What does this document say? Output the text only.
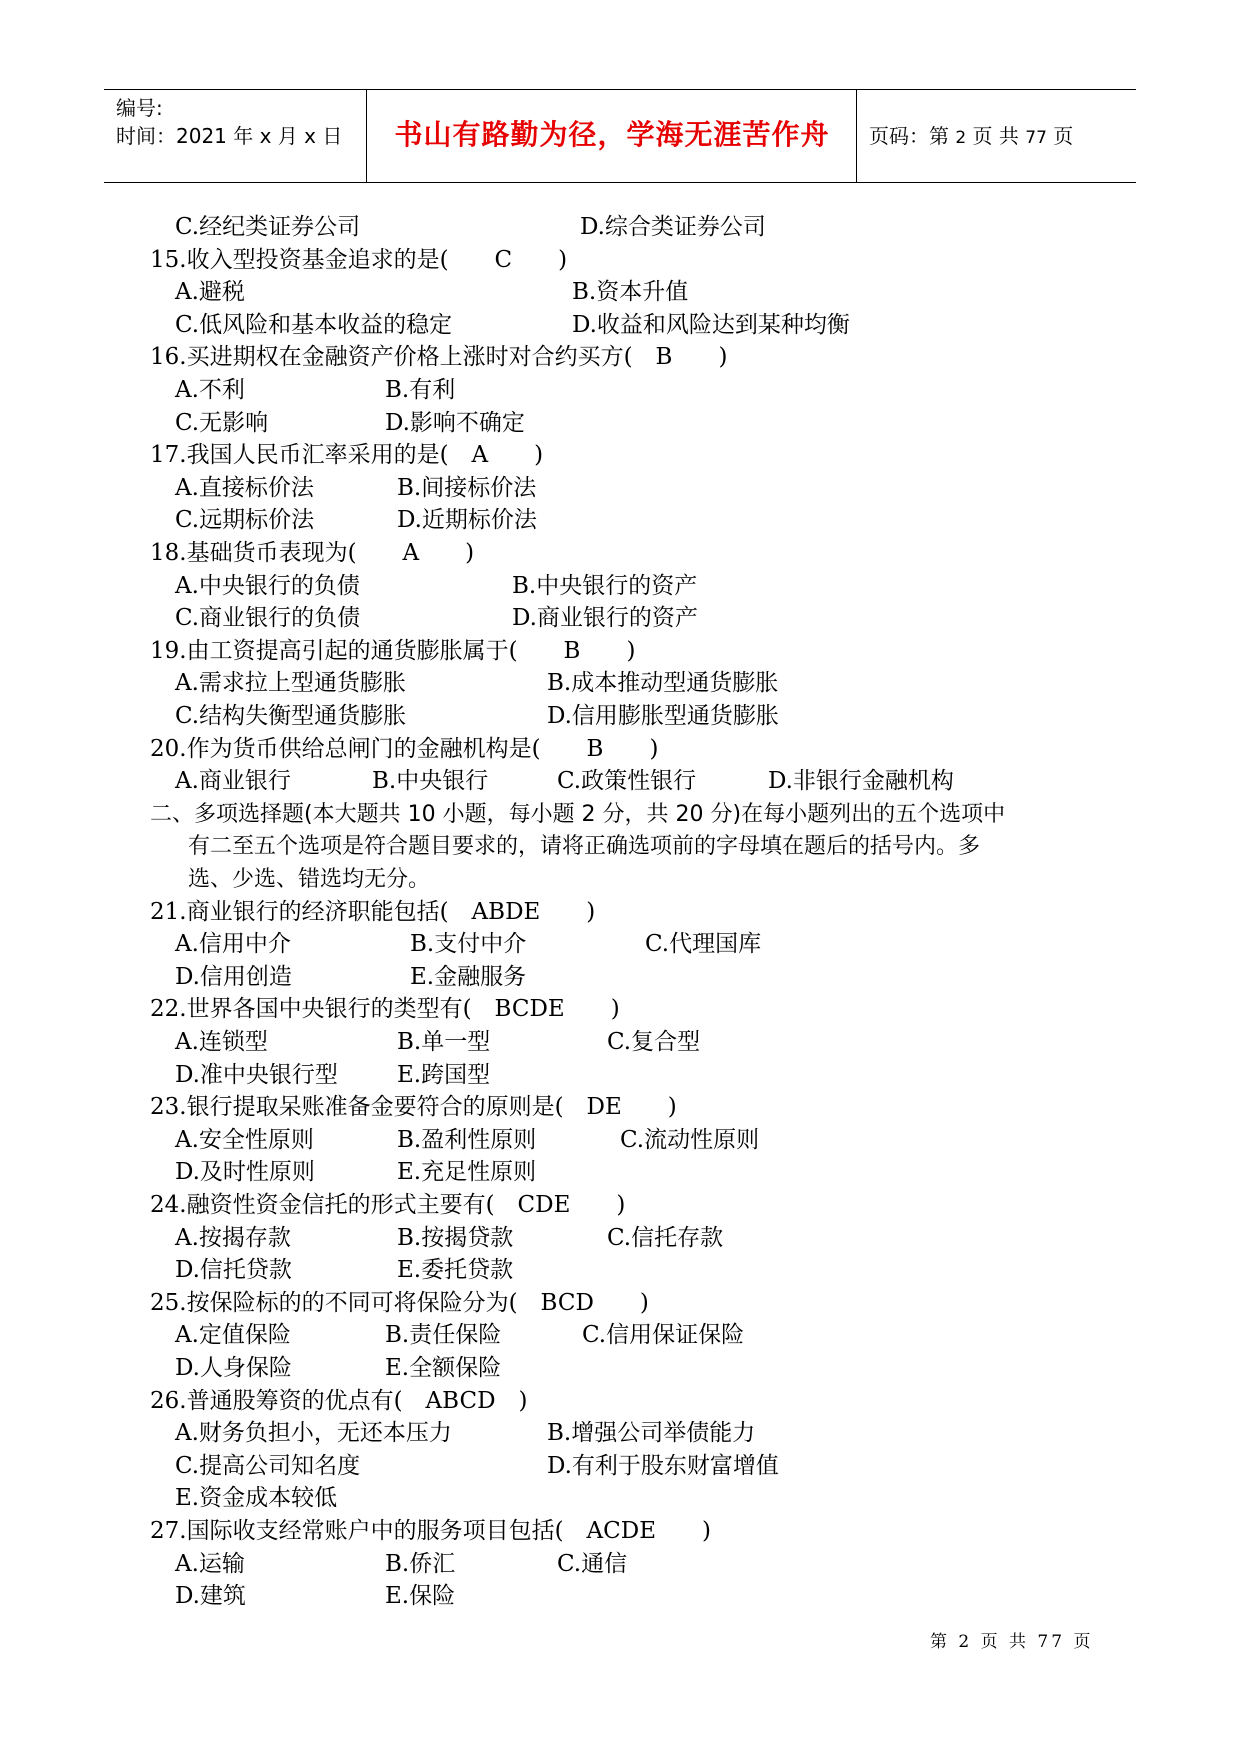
编号:
时间：2021 年 x 月 x 日	书山有路勤为径，学海无涯苦作舟	页码：第 2 页 共 77 页
C.经纪类证券公司	D.综合类证券公司
15.收入型投资基金追求的是(　　C　　)
A.避税	B.资本升值
C.低风险和基本收益的稳定	D.收益和风险达到某种均衡
16.买进期权在金融资产价格上涨时对合约买方(　B　　)
A.不利	B.有利
C.无影响	D.影响不确定
17.我国人民币汇率采用的是(　A　　)
A.直接标价法	B.间接标价法
C.远期标价法	D.近期标价法
18.基础货币表现为(　　A　　)
A.中央银行的负债	B.中央银行的资产
C.商业银行的负债	D.商业银行的资产
19.由工资提高引起的通货膨胀属于(　　B　　)
A.需求拉上型通货膨胀	B.成本推动型通货膨胀
C.结构失衡型通货膨胀	D.信用膨胀型通货膨胀
20.作为货币供给总闸门的金融机构是(　　B　　)
A.商业银行	B.中央银行	C.政策性银行	D.非银行金融机构
二、多项选择题(本大题共 10 小题，每小题 2 分，共 20 分)在每小题列出的五个选项中
有二至五个选项是符合题目要求的，请将正确选项前的字母填在题后的括号内。多
选、少选、错选均无分。
21.商业银行的经济职能包括(　ABDE　　)
A.信用中介	B.支付中介	C.代理国库
D.信用创造	E.金融服务
22.世界各国中央银行的类型有(　BCDE　　)
A.连锁型	B.单一型	C.复合型
D.准中央银行型	E.跨国型
23.银行提取呆账准备金要符合的原则是(　DE　　)
A.安全性原则	B.盈利性原则	C.流动性原则
D.及时性原则	E.充足性原则
24.融资性资金信托的形式主要有(　CDE　　)
A.按揭存款	B.按揭贷款	C.信托存款
D.信托贷款	E.委托贷款
25.按保险标的的不同可将保险分为(　BCD　　)
A.定值保险	B.责任保险	C.信用保证保险
D.人身保险	E.全额保险
26.普通股筹资的优点有(　ABCD　)
A.财务负担小，无还本压力	B.增强公司举债能力
C.提高公司知名度	D.有利于股东财富增值
E.资金成本较低
27.国际收支经常账户中的服务项目包括(　ACDE　　)
A.运输	B.侨汇	C.通信
D.建筑	E.保险
第 2 页 共 77 页
